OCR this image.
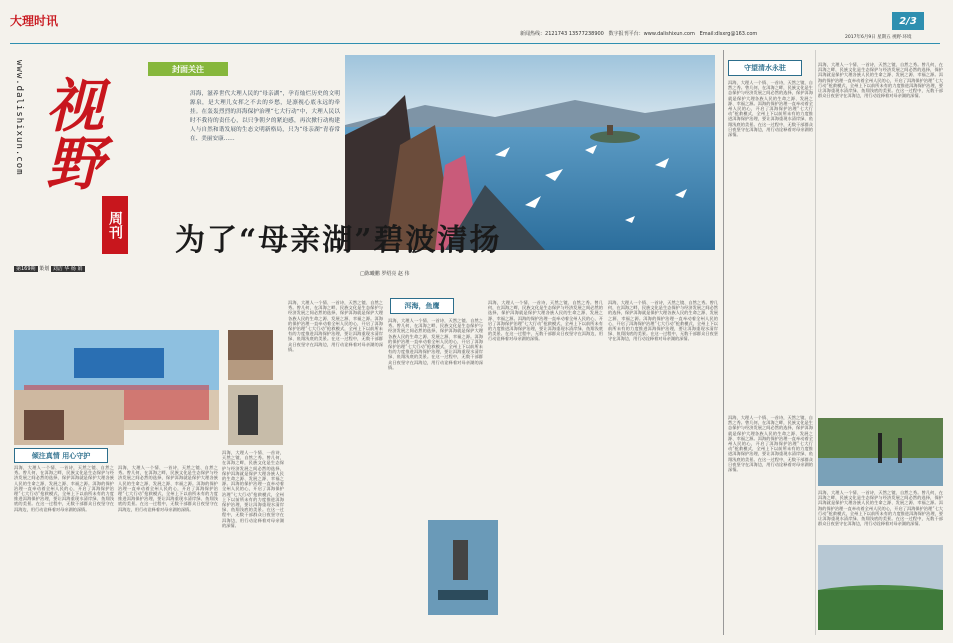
大理时讯
新闻热线：2121743 13577238900 数字报刊平台：www.dalishixun.com Email:dlsxrg@163.com
2/3
2017年6月9日 星期五 视野·环境
www.dalishixun.com 视野
周刊
第169期 策划 刘洁 华 杨 娟
封面关注
洱海，滋养世代大理人民的“母亲湖”，孕育灿烂历史的文明源泉，是大理儿女挥之不去的乡愁，是凛视心底永远的牵挂。在轰轰烈烈的洱海保护治理“七大行动”中，大理人民以时不我待的责任心，以只争朝夕的紧迫感，再次掀行动构建人与自然和谐发展的生态文明新格局，只为“母亲湖”青春常在、美丽安康……
为了“母亲湖”碧波清扬
□陈曦鹏 罗绍亮 赵 伟
守望清水永驻
洱海，大理人一个情、一首诗，天然之镜、自然之秀。曾几何，在洱海之畔，民族文化是生态保护与经济发展之间必然的选择，保护洱海就是保护大理各族人民的生命之源、发展之源、幸福之源。洱海的保护治理一直牵动着全州人民的心，开启了洱海保护治理“七大行动”抢救模式，全州上下以前所未有的力度推进洱海保护治理，要让洱海重现水清岸绿、鱼翔浅底的美景。在这一过程中，无数干部群众日夜坚守在洱海边，用行动诠释着对母亲湖的深情。
洱海，大理人一个情、一首诗，天然之镜、自然之秀。曾几何，在洱海之畔，民族文化是生态保护与经济发展之间必然的选择，保护洱海就是保护大理各族人民的生命之源、发展之源、幸福之源。洱海的保护治理一直牵动着全州人民的心，开启了洱海保护治理“七大行动”抢救模式，全州上下以前所未有的力度推进洱海保护治理，要让洱海重现水清岸绿、鱼翔浅底的美景。在这一过程中，无数干部群众日夜坚守在洱海边，用行动诠释着对母亲湖的深情。
洱海，大理人一个情、一首诗，天然之镜、自然之秀。曾几何，在洱海之畔，民族文化是生态保护与经济发展之间必然的选择，保护洱海就是保护大理各族人民的生命之源、发展之源、幸福之源。洱海的保护治理一直牵动着全州人民的心，开启了洱海保护治理“七大行动”抢救模式，全州上下以前所未有的力度推进洱海保护治理，要让洱海重现水清岸绿、鱼翔浅底的美景。在这一过程中，无数干部群众日夜坚守在洱海边，用行动诠释着对母亲湖的深情。
洱海，大理人一个情、一首诗，天然之镜、自然之秀。曾几何，在洱海之畔，民族文化是生态保护与经济发展之间必然的选择，保护洱海就是保护大理各族人民的生命之源、发展之源、幸福之源。洱海的保护治理一直牵动着全州人民的心，开启了洱海保护治理“七大行动”抢救模式，全州上下以前所未有的力度推进洱海保护治理，要让洱海重现水清岸绿、鱼翔浅底的美景。在这一过程中，无数干部群众日夜坚守在洱海边，用行动诠释着对母亲湖的深情。
倾注真情 用心守护
洱海，大理人一个情、一首诗，天然之镜、自然之秀。曾几何，在洱海之畔，民族文化是生态保护与经济发展之间必然的选择，保护洱海就是保护大理各族人民的生命之源、发展之源、幸福之源。洱海的保护治理一直牵动着全州人民的心，开启了洱海保护治理“七大行动”抢救模式，全州上下以前所未有的力度推进洱海保护治理，要让洱海重现水清岸绿、鱼翔浅底的美景。在这一过程中，无数干部群众日夜坚守在洱海边，用行动诠释着对母亲湖的深情。
洱海，大理人一个情、一首诗，天然之镜、自然之秀。曾几何，在洱海之畔，民族文化是生态保护与经济发展之间必然的选择，保护洱海就是保护大理各族人民的生命之源、发展之源、幸福之源。洱海的保护治理一直牵动着全州人民的心，开启了洱海保护治理“七大行动”抢救模式，全州上下以前所未有的力度推进洱海保护治理，要让洱海重现水清岸绿、鱼翔浅底的美景。在这一过程中，无数干部群众日夜坚守在洱海边，用行动诠释着对母亲湖的深情。
洱海，大理人一个情、一首诗，天然之镜、自然之秀。曾几何，在洱海之畔，民族文化是生态保护与经济发展之间必然的选择，保护洱海就是保护大理各族人民的生命之源、发展之源、幸福之源。洱海的保护治理一直牵动着全州人民的心，开启了洱海保护治理“七大行动”抢救模式，全州上下以前所未有的力度推进洱海保护治理，要让洱海重现水清岸绿、鱼翔浅底的美景。在这一过程中，无数干部群众日夜坚守在洱海边，用行动诠释着对母亲湖的深情。
洱海，大理人一个情、一首诗，天然之镜、自然之秀。曾几何，在洱海之畔，民族文化是生态保护与经济发展之间必然的选择，保护洱海就是保护大理各族人民的生命之源、发展之源、幸福之源。洱海的保护治理一直牵动着全州人民的心，开启了洱海保护治理“七大行动”抢救模式，全州上下以前所未有的力度推进洱海保护治理，要让洱海重现水清岸绿、鱼翔浅底的美景。在这一过程中，无数干部群众日夜坚守在洱海边，用行动诠释着对母亲湖的深情。
洱海，鱼鹰
洱海，大理人一个情、一首诗，天然之镜、自然之秀。曾几何，在洱海之畔，民族文化是生态保护与经济发展之间必然的选择，保护洱海就是保护大理各族人民的生命之源、发展之源、幸福之源。洱海的保护治理一直牵动着全州人民的心，开启了洱海保护治理“七大行动”抢救模式，全州上下以前所未有的力度推进洱海保护治理，要让洱海重现水清岸绿、鱼翔浅底的美景。在这一过程中，无数干部群众日夜坚守在洱海边，用行动诠释着对母亲湖的深情。
洱海，大理人一个情、一首诗，天然之镜、自然之秀。曾几何，在洱海之畔，民族文化是生态保护与经济发展之间必然的选择，保护洱海就是保护大理各族人民的生命之源、发展之源、幸福之源。洱海的保护治理一直牵动着全州人民的心，开启了洱海保护治理“七大行动”抢救模式，全州上下以前所未有的力度推进洱海保护治理，要让洱海重现水清岸绿、鱼翔浅底的美景。在这一过程中，无数干部群众日夜坚守在洱海边，用行动诠释着对母亲湖的深情。
洱海，大理人一个情、一首诗，天然之镜、自然之秀。曾几何，在洱海之畔，民族文化是生态保护与经济发展之间必然的选择，保护洱海就是保护大理各族人民的生命之源、发展之源、幸福之源。洱海的保护治理一直牵动着全州人民的心，开启了洱海保护治理“七大行动”抢救模式，全州上下以前所未有的力度推进洱海保护治理，要让洱海重现水清岸绿、鱼翔浅底的美景。在这一过程中，无数干部群众日夜坚守在洱海边，用行动诠释着对母亲湖的深情。
